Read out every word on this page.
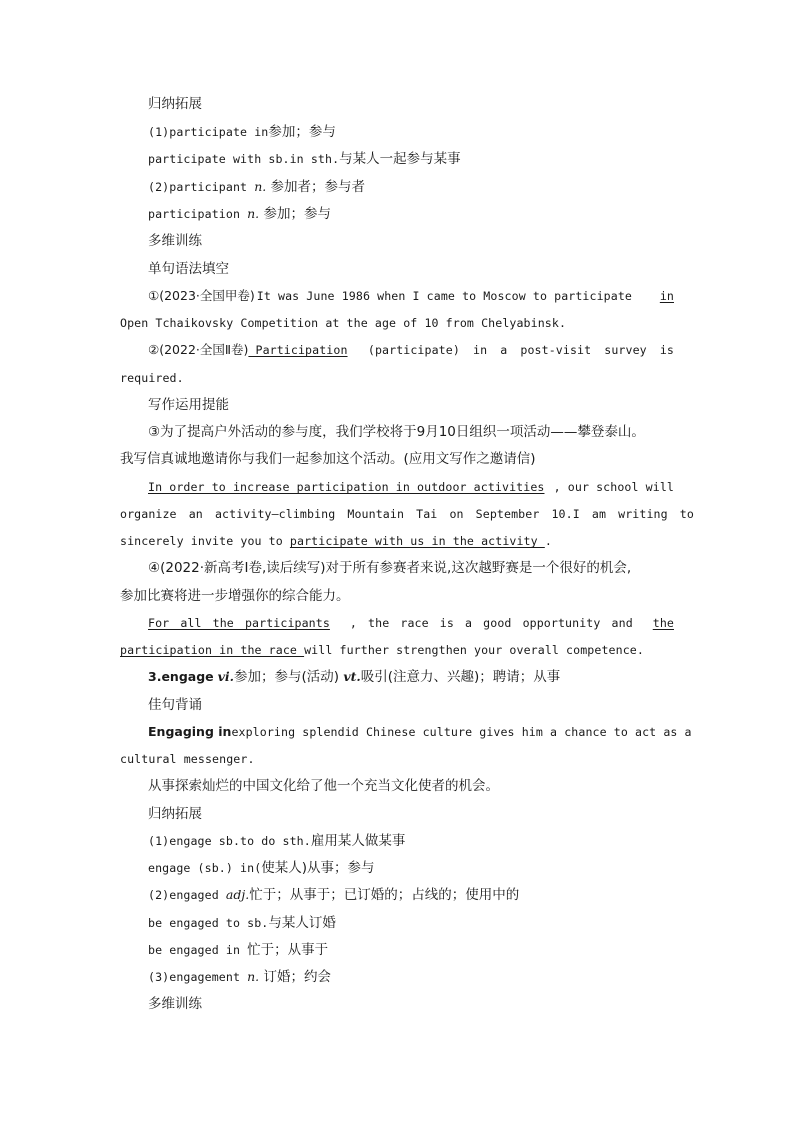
归纳拓展
(1)participate in参加；参与
participate with sb.in sth.与某人一起参与某事
(2)participant n. 参加者；参与者
participation n. 参加；参与
多维训练
单句语法填空
①(2023·全国甲卷) It was June 1986 when I came to Moscow to participate	in
Open Tchaikovsky Competition at the age of 10 from Chelyabinsk.
②(2022·全国Ⅱ卷) Participation (participate) in a post-visit survey is
required.
写作运用提能
③为了提高户外活动的参与度，我们学校将于9月10日组织一项活动——攀登泰山。
我写信真诚地邀请你与我们一起参加这个活动。(应用文写作之邀请信)
In order to increase participation in outdoor activities , our school will
organize an activity—climbing Mountain Tai on September 10.I am writing to
sincerely invite you to participate with us in the activity .
④(2022·新高考Ⅰ卷,读后续写)对于所有参赛者来说,这次越野赛是一个很好的机会,
参加比赛将进一步增强你的综合能力。
For all the participants , the race is a good opportunity and the
participation in the race will further strengthen your overall competence.
3.engage vi.参加；参与(活动) vt.吸引(注意力、兴趣)；聘请；从事
佳句背诵
Engaging in exploring splendid Chinese culture gives him a chance to act as a
cultural messenger.
从事探索灿烂的中国文化给了他一个充当文化使者的机会。
归纳拓展
(1)engage sb.to do sth.雇用某人做某事
engage (sb.) in(使某人)从事；参与
(2)engaged adj.忙于；从事于；已订婚的；占线的；使用中的
be engaged to sb.与某人订婚
be engaged in 忙于；从事于
(3)engagement n. 订婚；约会
多维训练
